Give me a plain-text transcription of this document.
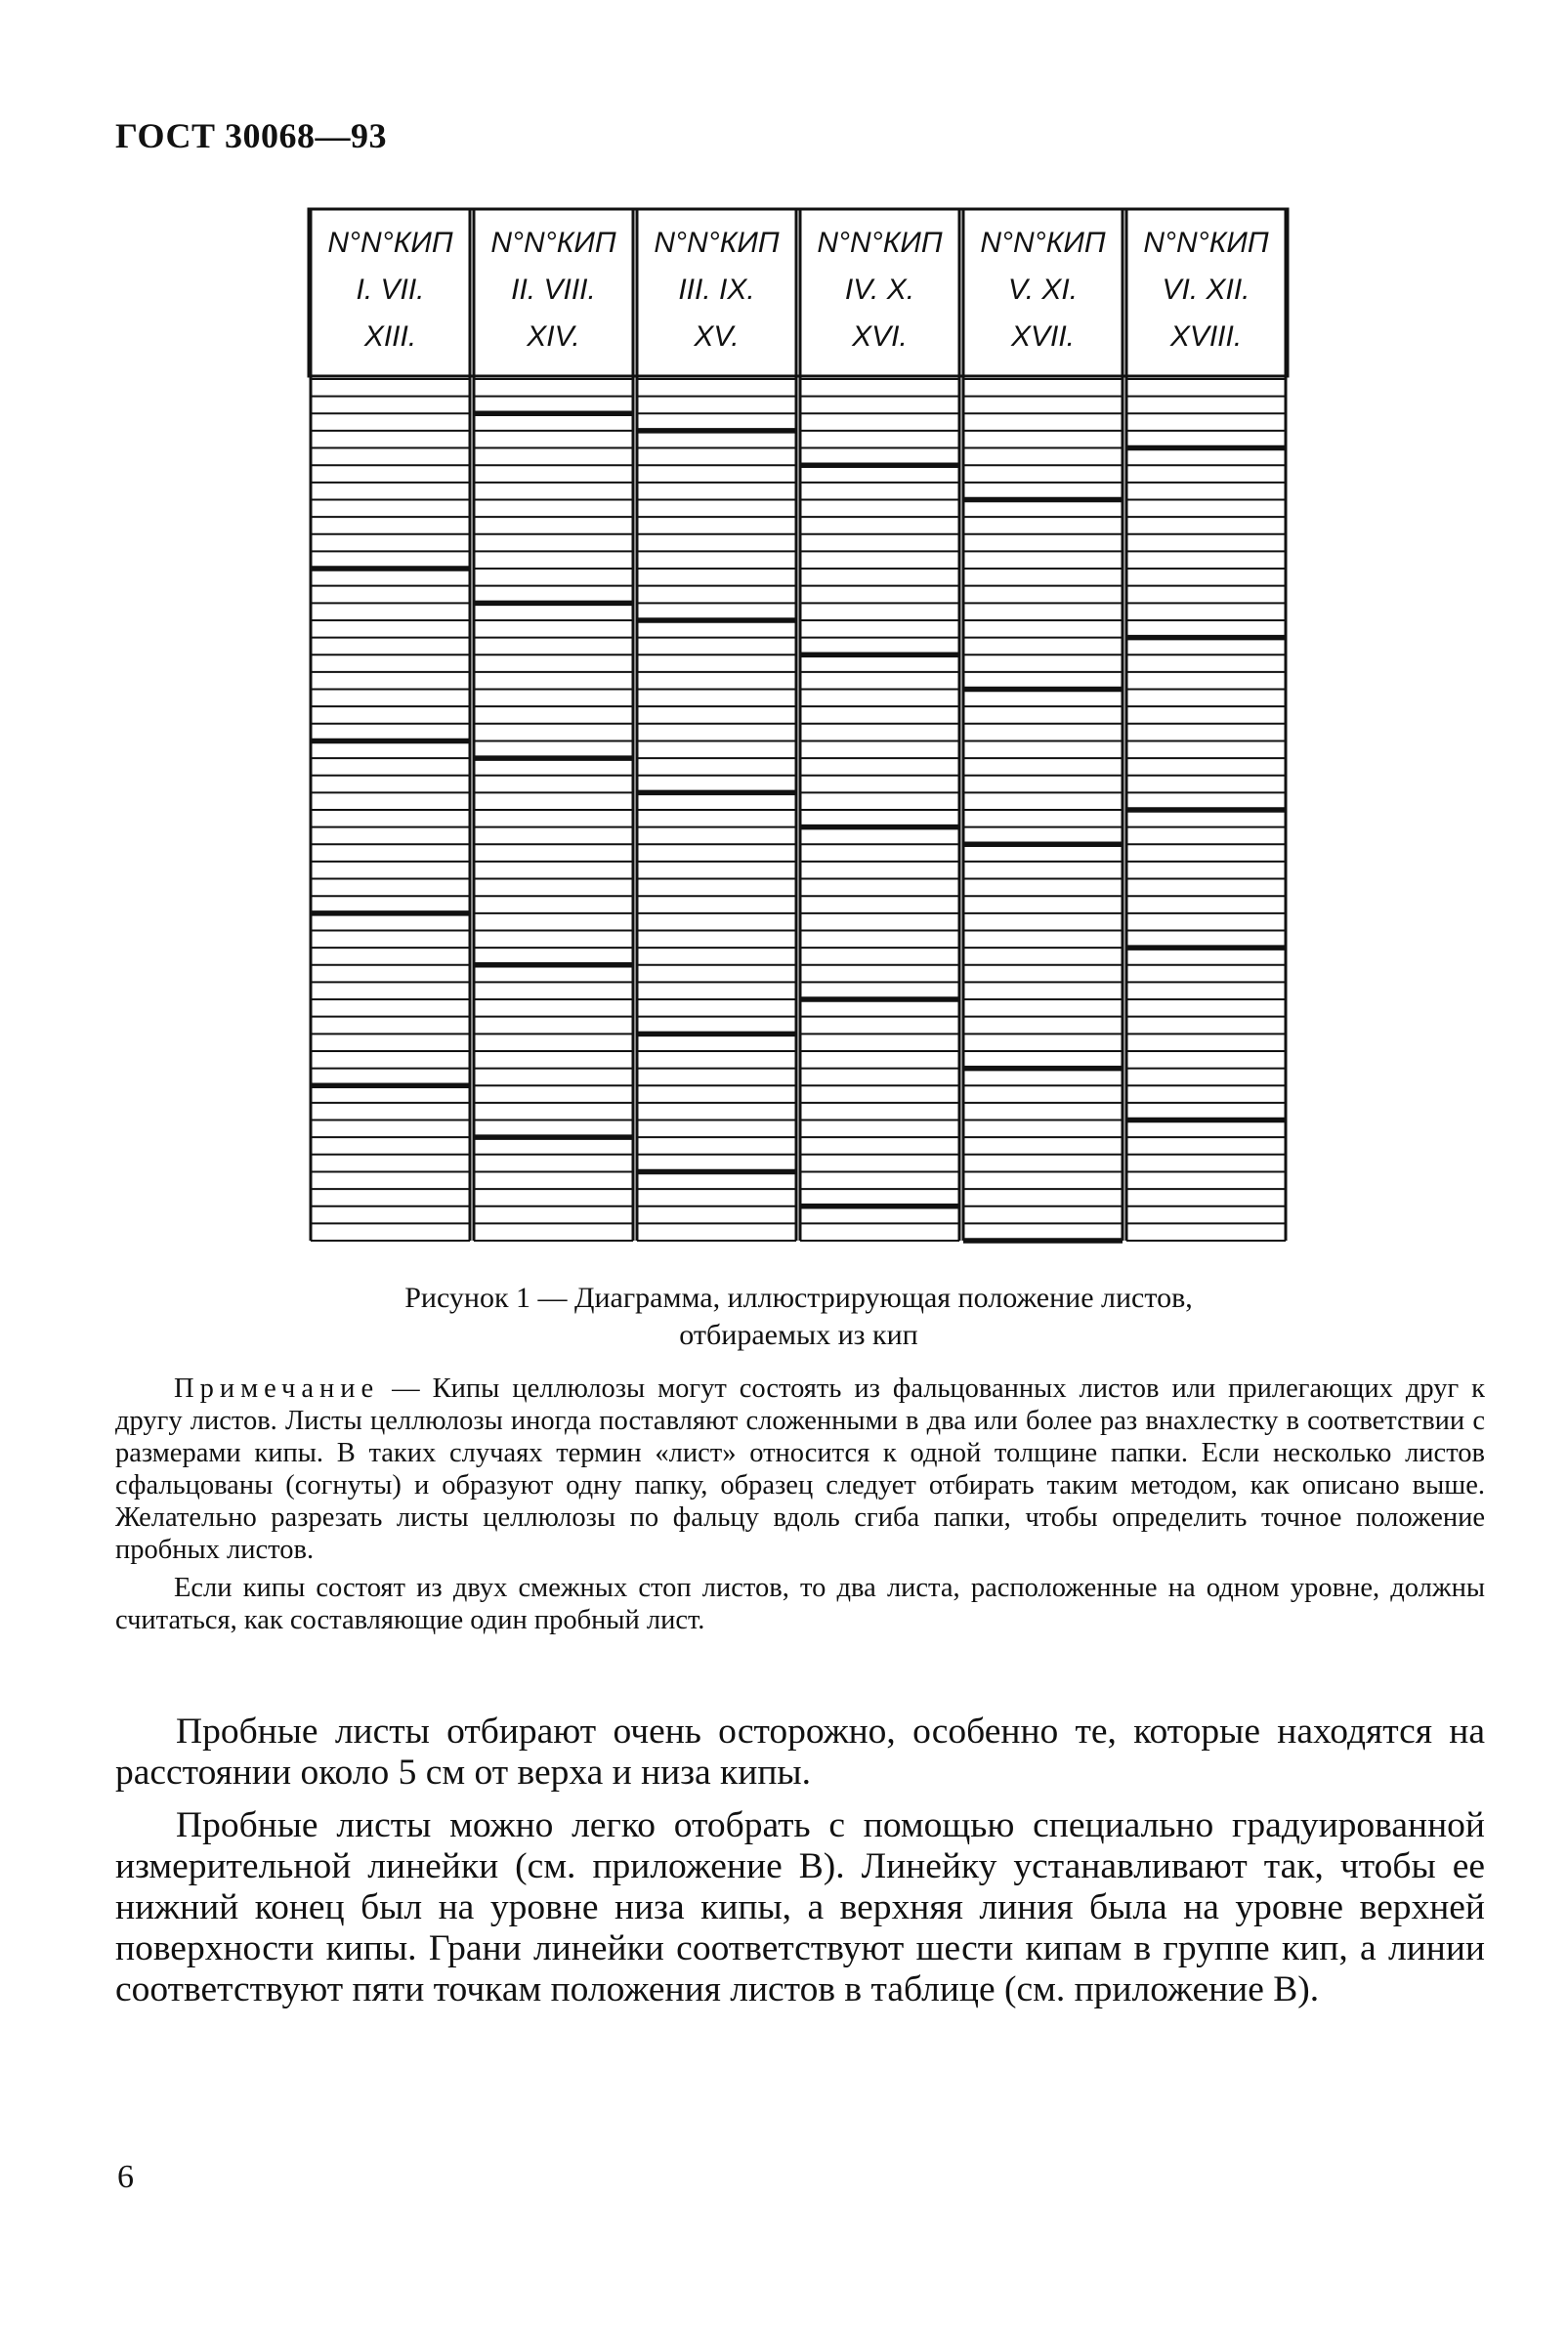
ГОСТ 30068—93
N°N°КИП
I. VII.
XIII.
N°N°КИП
II. VIII.
XIV.
N°N°КИП
III. IX.
XV.
N°N°КИП
IV. X.
XVI.
N°N°КИП
V. XI.
XVII.
N°N°КИП
VI. XII.
XVIII.
Рисунок 1 — Диаграмма, иллюстрирующая положение листов,
отбираемых из кип

Примечание — Кипы целлюлозы могут состоять из фальцованных листов или прилегающих друг к другу листов. Листы целлюлозы иногда поставляют сложенными в два или более раз внахлестку в соответствии с размерами кипы. В таких случаях термин «лист» относится к одной толщине папки. Если несколько листов сфальцованы (согнуты) и образуют одну папку, образец следует отбирать таким методом, как описано выше. Желательно разрезать листы целлюлозы по фальцу вдоль сгиба папки, чтобы определить точное положение пробных листов.

Если кипы состоят из двух смежных стоп листов, то два листа, расположенные на одном уровне, должны считаться, как составляющие один пробный лист.

Пробные листы отбирают очень осторожно, особенно те, которые находятся на расстоянии около 5 см от верха и низа кипы.

Пробные листы можно легко отобрать с помощью специально градуированной измерительной линейки (см. приложение В). Линейку устанавливают так, чтобы ее нижний конец был на уровне низа кипы, а верхняя линия была на уровне верхней поверхности кипы. Грани линейки соответствуют шести кипам в группе кип, а линии соответствуют пяти точкам положения листов в таблице (см. приложение В).

6
